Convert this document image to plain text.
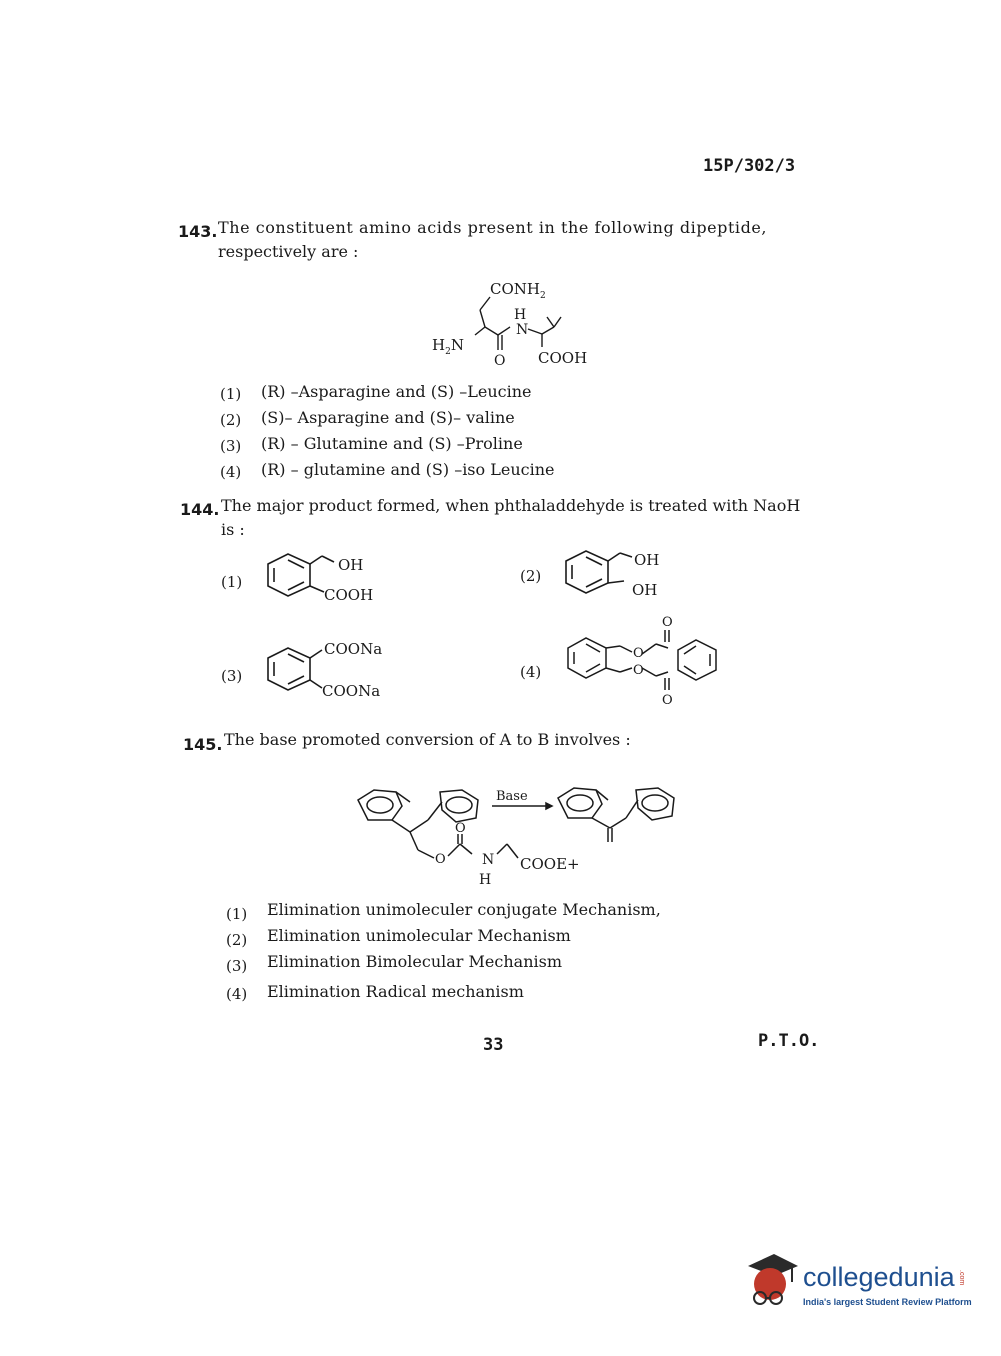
15P/302/3
143. The constituent amino acids present in the following dipeptide,
respectively are :
$CONH_2$
H
N
$H_2N$
O COOH
(1) (R) –Asparagine and (S) –Leucine
(2) (S)– Asparagine and (S)– valine
(3) (R) – Glutamine and (S) –Proline
(4) (R) – glutamine and (S) –iso Leucine
144. The major product formed, when phthaladdehyde is treated with NaoH
is :
(1)
OH
COOH
(2)
OH
OH
(3)
COONa
COONa
(4)
O
O
O
O
145. The base promoted conversion of A to B involves :
Base
O
O	N
H
COOE+
(1) Elimination unimoleculer conjugate Mechanism,
(2) Elimination unimolecular Mechanism
(3) Elimination Bimolecular Mechanism
(4) Elimination Radical mechanism
33	P.T.O.
collegedunia .com
India's largest Student Review Platform
